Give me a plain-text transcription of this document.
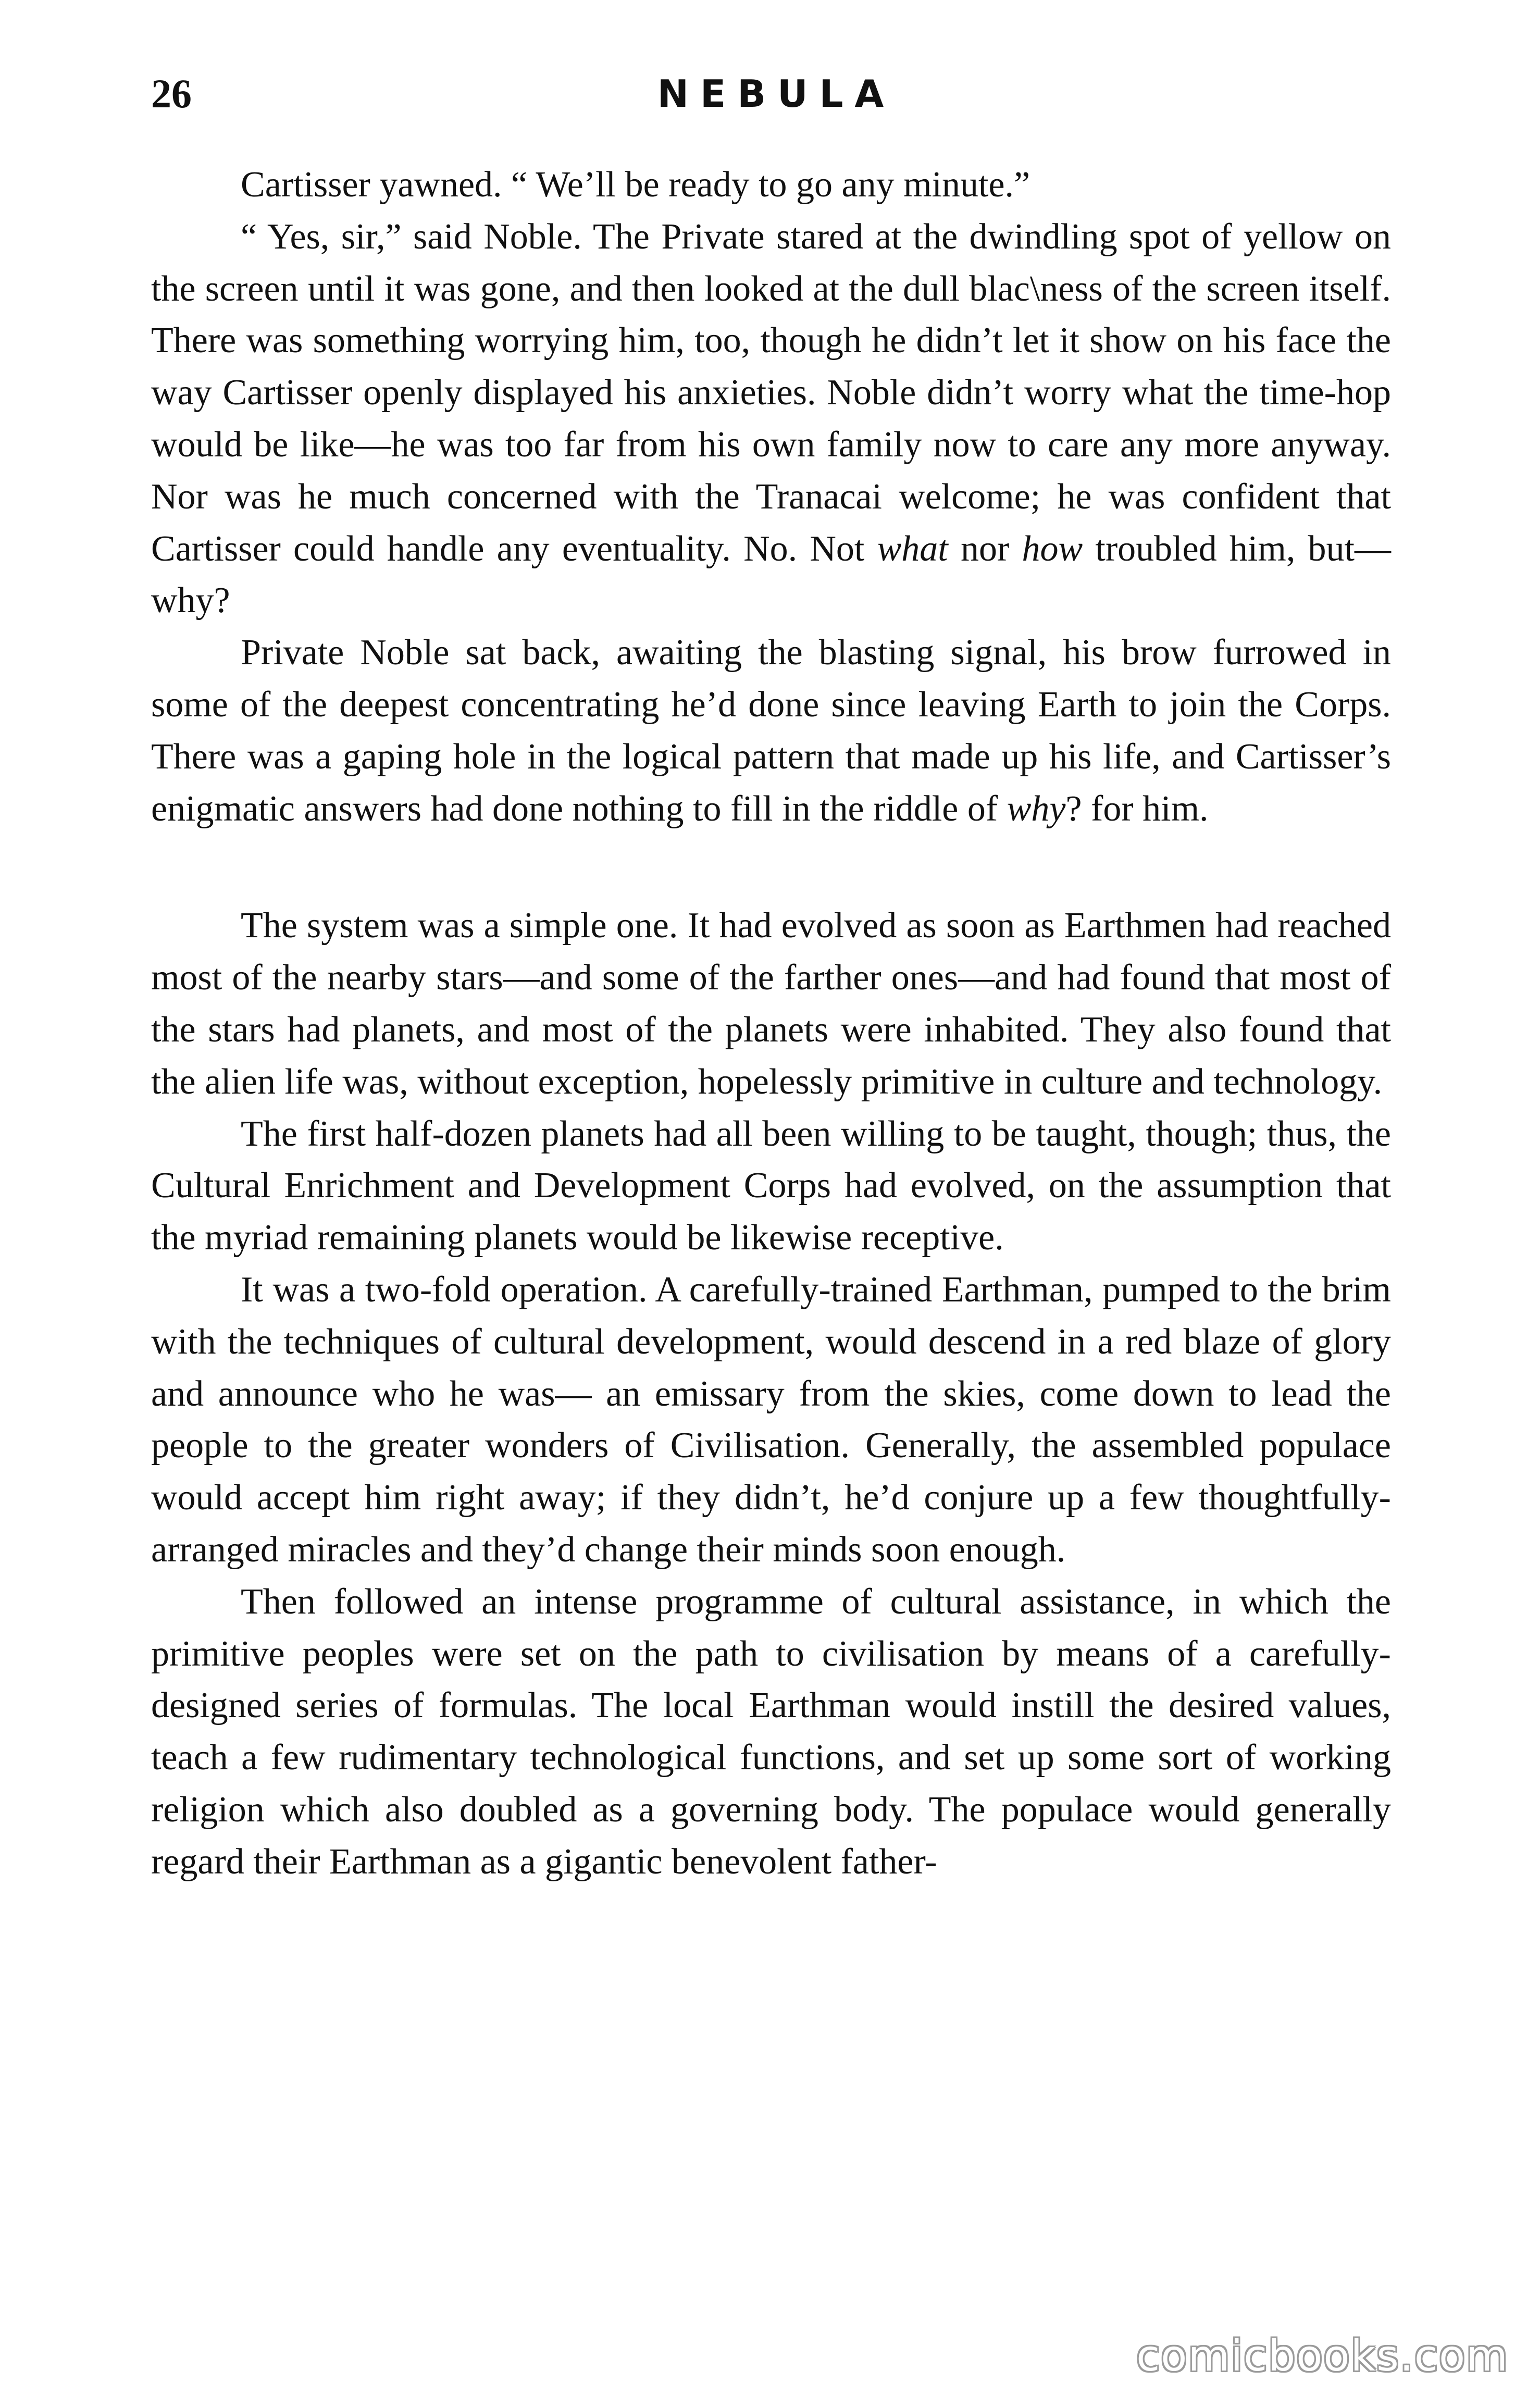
26	NEBULA

Cartisser yawned. “ We’ll be ready to go any minute.”

“ Yes, sir,” said Noble. The Private stared at the dwindling spot of yellow on the screen until it was gone, and then looked at the dull blac\ness of the screen itself. There was something worrying him, too, though he didn’t let it show on his face the way Cartisser openly displayed his anxieties. Noble didn’t worry what the time-hop would be like—he was too far from his own family now to care any more anyway. Nor was he much concerned with the Tranacai welcome; he was confident that Cartisser could handle any eventuality. No. Not what nor how troubled him, but—why?

Private Noble sat back, awaiting the blasting signal, his brow furrowed in some of the deepest concentrating he’d done since leaving Earth to join the Corps. There was a gaping hole in the logical pattern that made up his life, and Cartisser’s enigmatic answers had done nothing to fill in the riddle of why? for him.

The system was a simple one. It had evolved as soon as Earthmen had reached most of the nearby stars—and some of the farther ones—and had found that most of the stars had planets, and most of the planets were inhabited. They also found that the alien life was, without exception, hopelessly primitive in culture and technology.

The first half-dozen planets had all been willing to be taught, though; thus, the Cultural Enrichment and Development Corps had evolved, on the assumption that the myriad remaining planets would be likewise receptive.

It was a two-fold operation. A carefully-trained Earthman, pumped to the brim with the techniques of cultural development, would descend in a red blaze of glory and announce who he was— an emissary from the skies, come down to lead the people to the greater wonders of Civilisation. Generally, the assembled populace would accept him right away; if they didn’t, he’d conjure up a few thoughtfully-arranged miracles and they’d change their minds soon enough.

Then followed an intense programme of cultural assistance, in which the primitive peoples were set on the path to civilisation by means of a carefully-designed series of formulas. The local Earthman would instill the desired values, teach a few rudimentary technological functions, and set up some sort of working religion which also doubled as a governing body. The populace would generally regard their Earthman as a gigantic benevolent father-

comicbooks.com
